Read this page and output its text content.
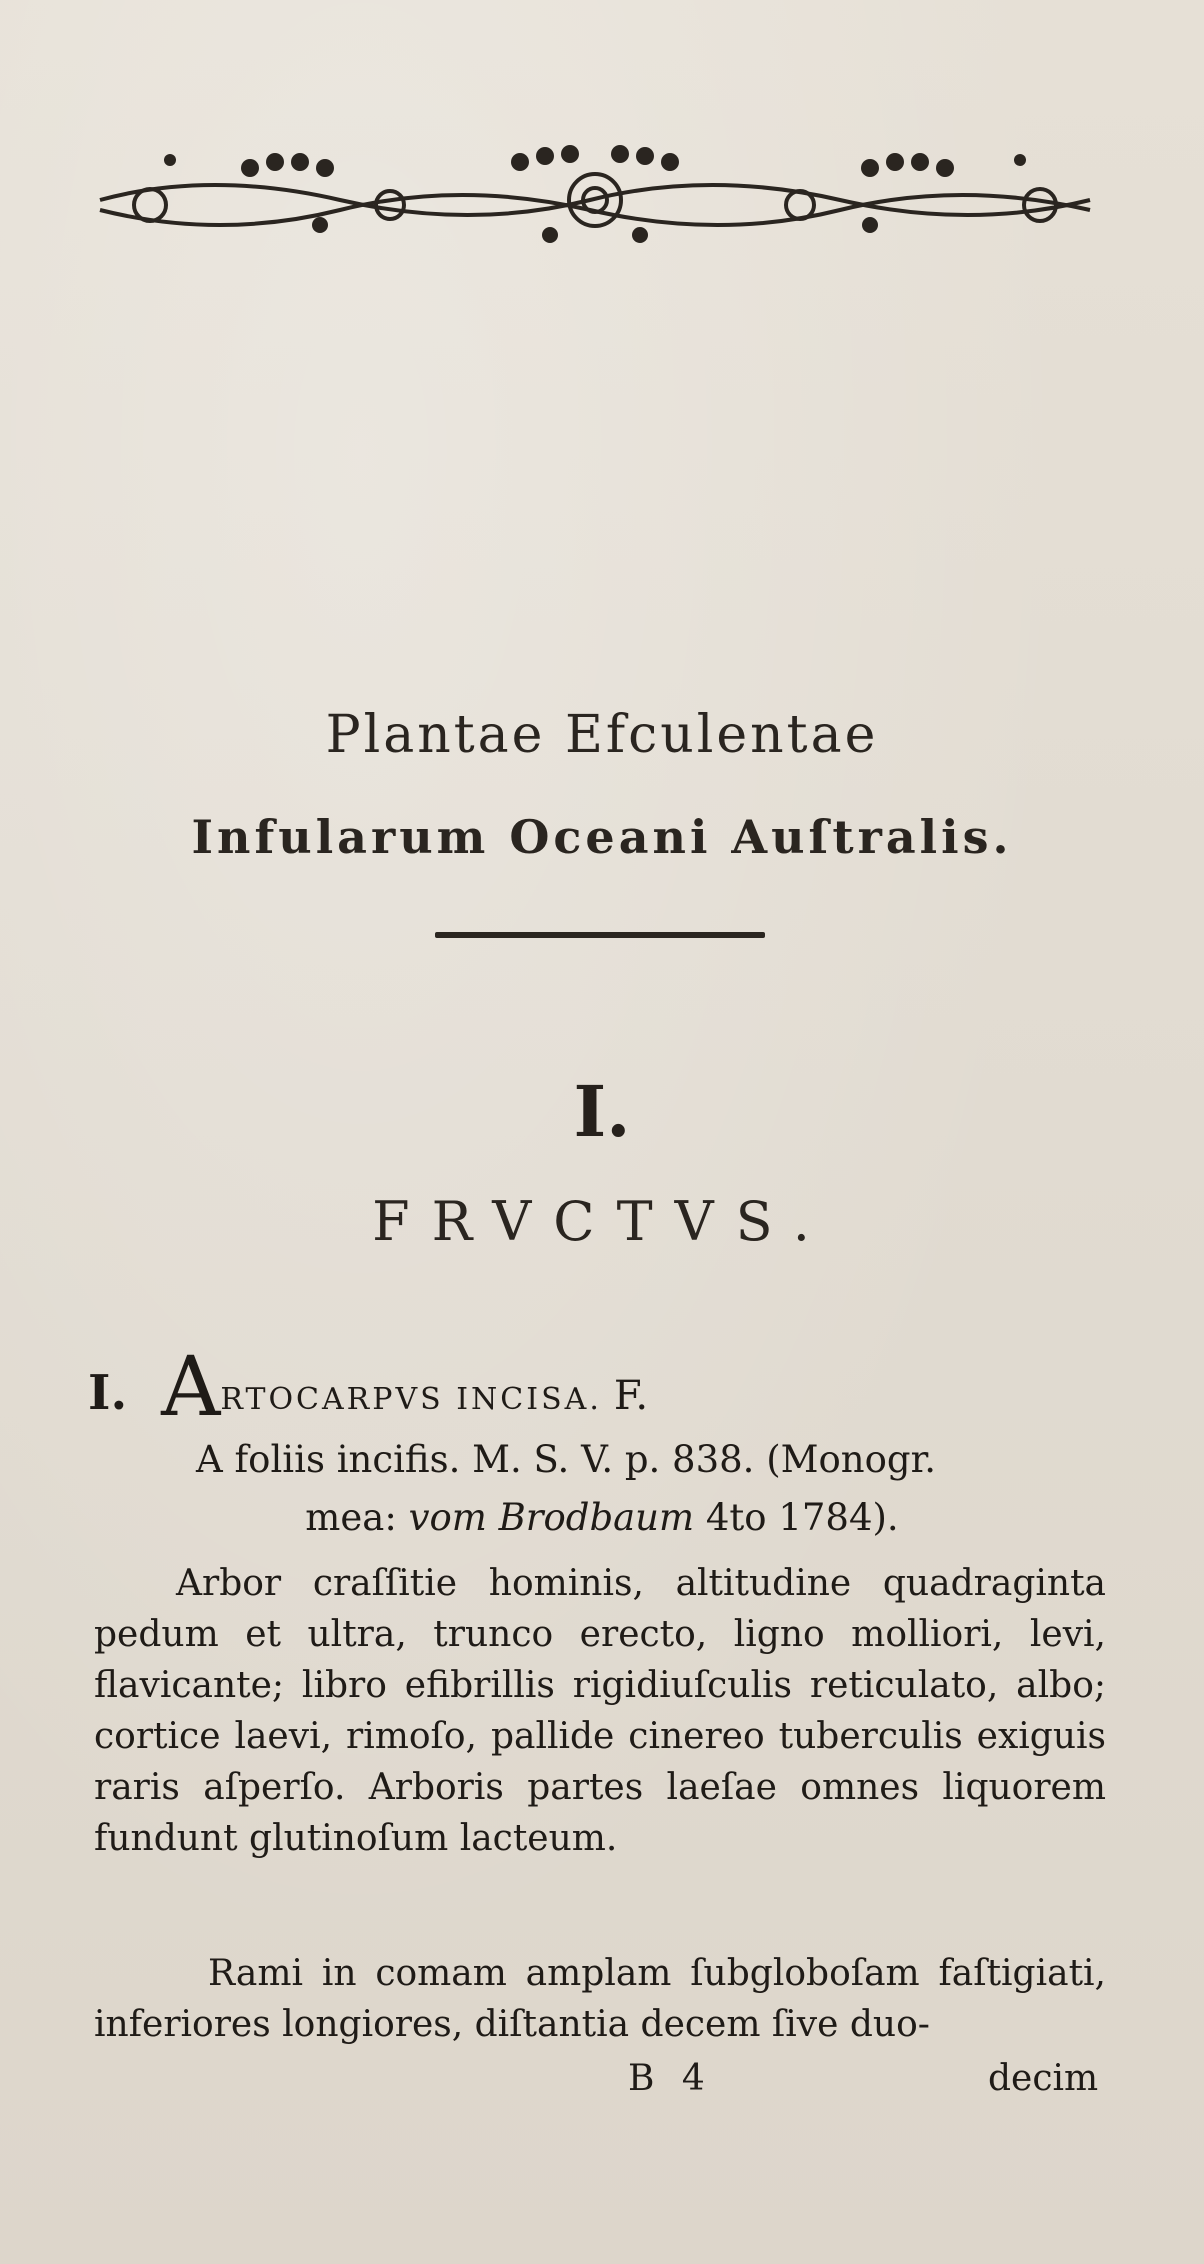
Plantae Efculentae
Infularum Oceani Auſtralis.
I.
FRVCTVS.
I. ARTOCARPVS INCISA. F.
A foliis incifis. M. S. V. p. 838. (Monogr.
mea: vom Brodbaum 4to 1784).
Arbor craſſitie hominis, altitudine quadraginta pedum et ultra, trunco erecto, ligno molliori, levi, flavicante; libro efibrillis rigidiuſculis reticulato, albo; cortice laevi, rimoſo, pallide cinereo tuberculis exiguis raris aſperſo. Arboris partes laeſae omnes liquorem fundunt glutinoſum lacteum.
Rami in comam amplam ſubgloboſam faſtigiati, inferiores longiores, diſtantia decem ſive duo-
B 4	decim
